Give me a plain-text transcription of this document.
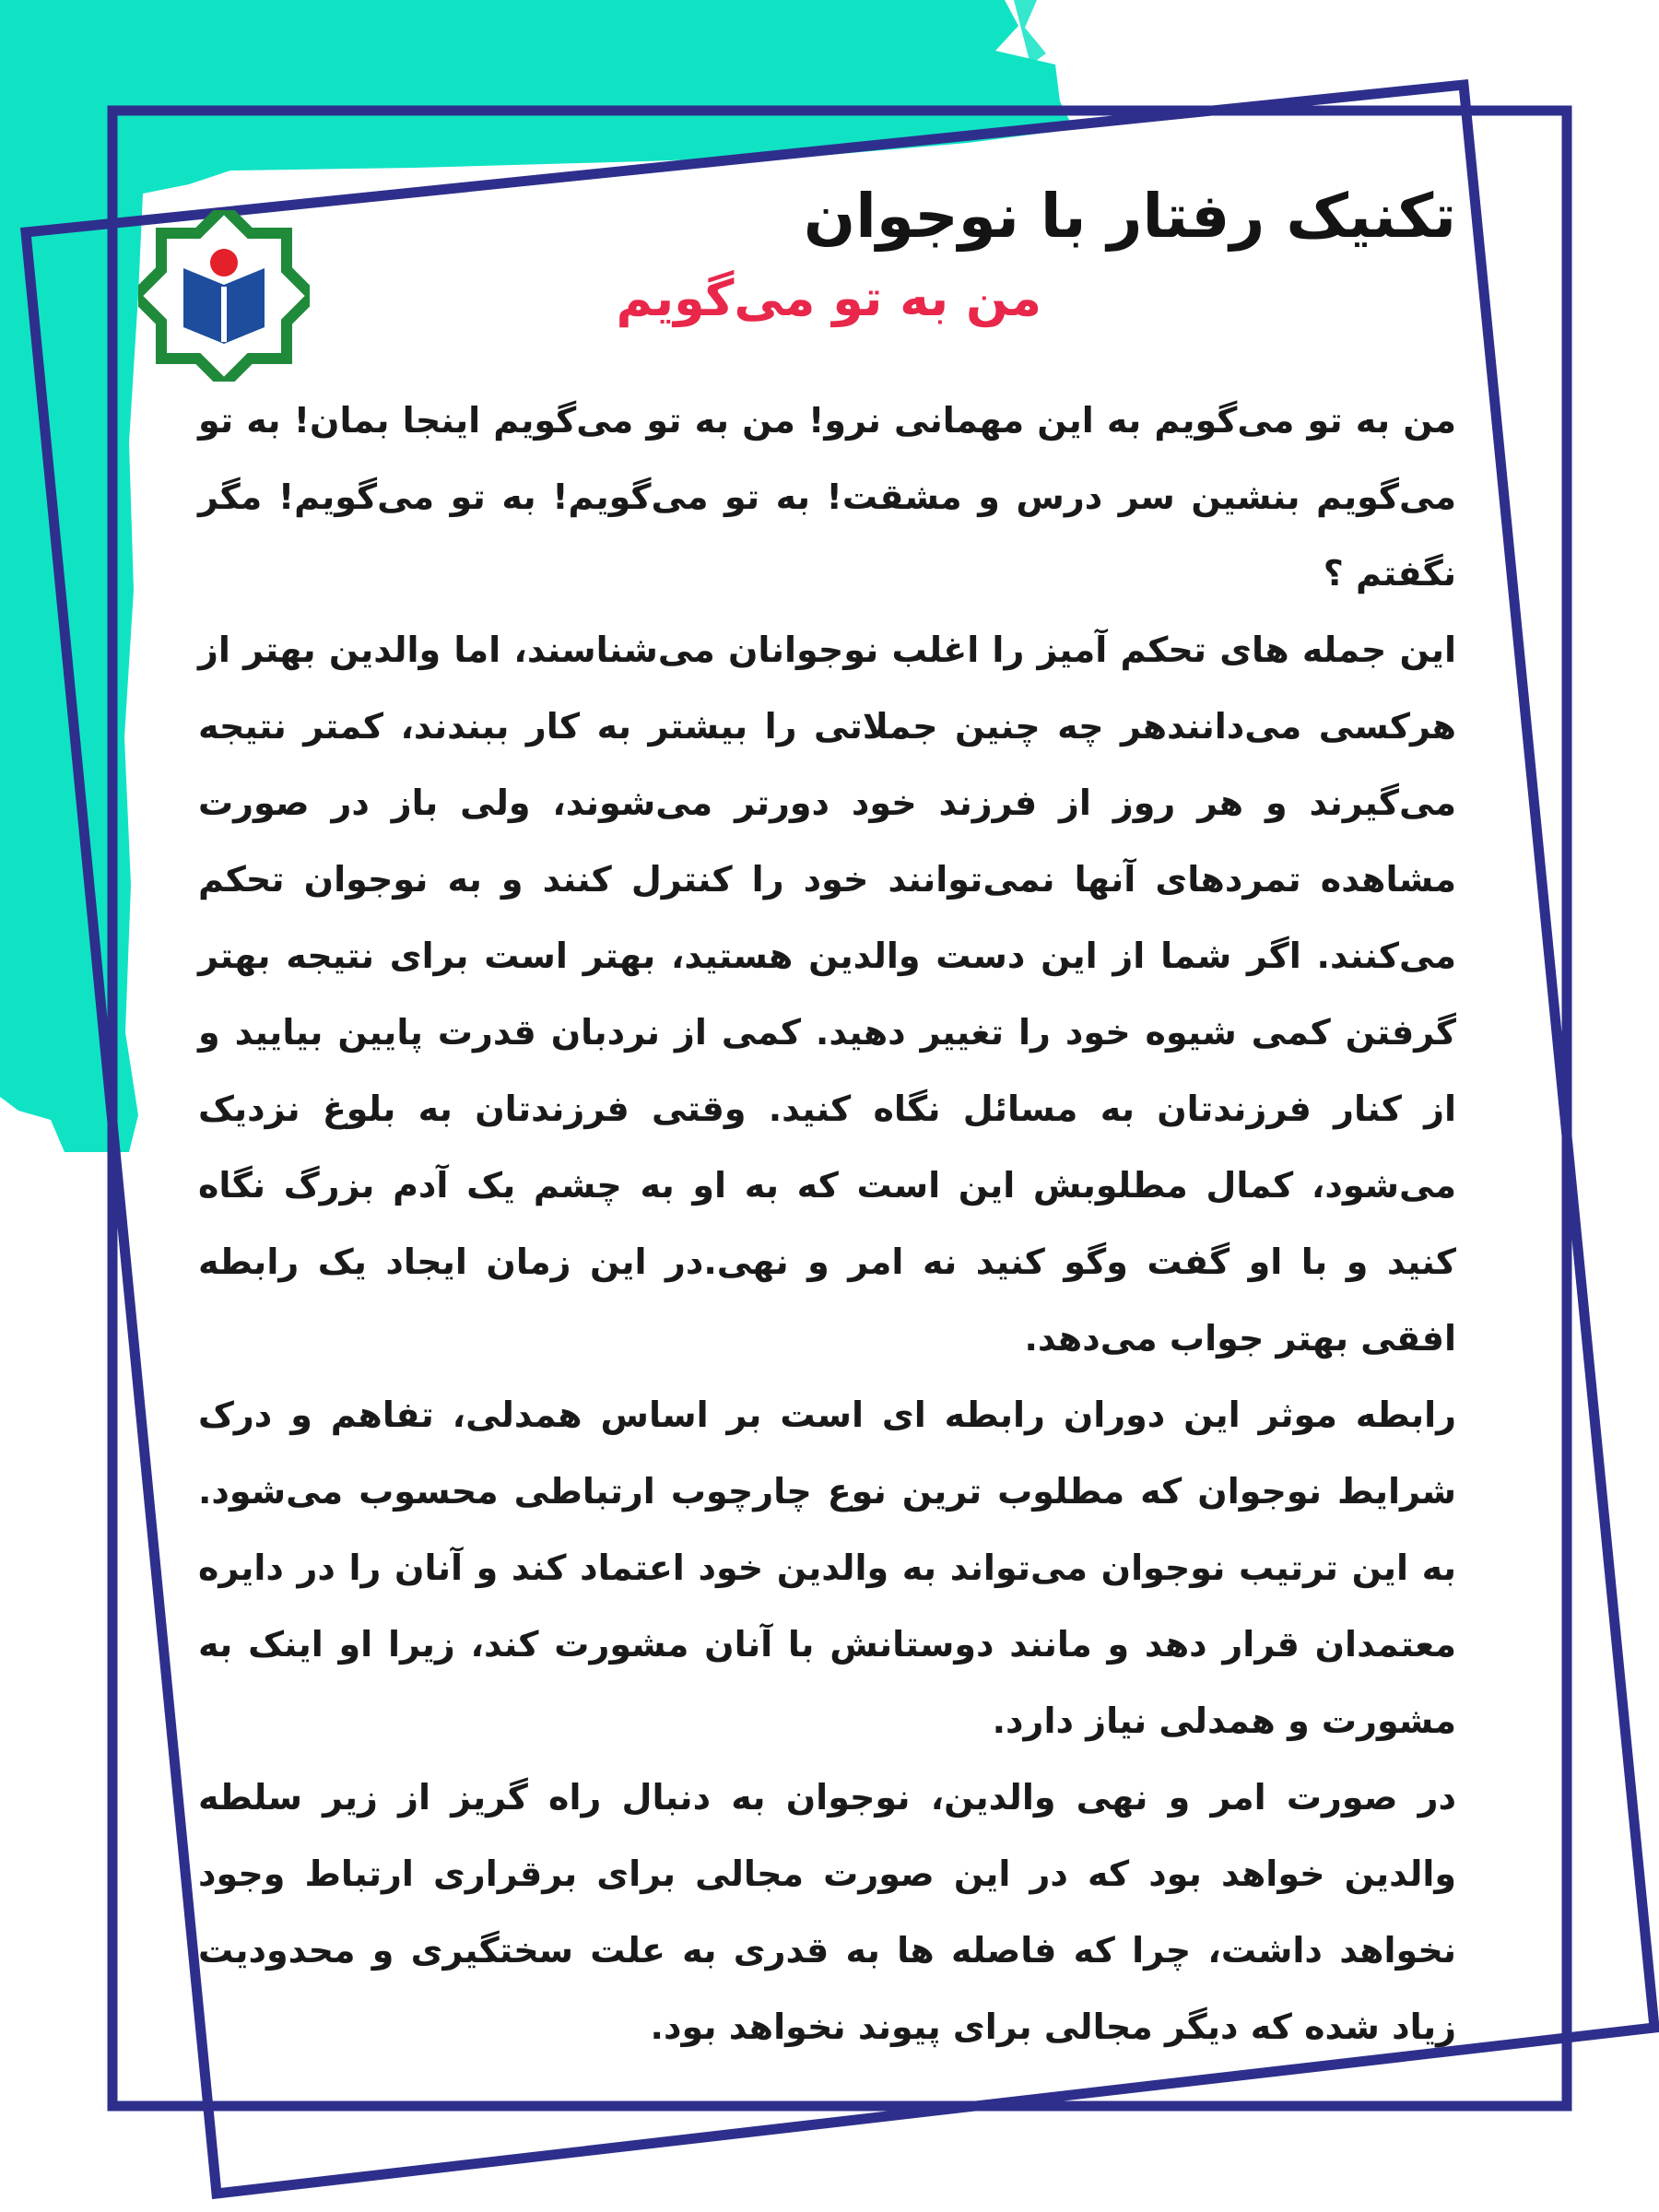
تکنیک رفتار با نوجوان
من به تو می‌گویم

من به تو می‌گویم به این مهمانی نرو! من به تو می‌گویم اینجا بمان! به تو می‌گویم بنشین سر درس و مشقت! به تو می‌گویم! به تو می‌گویم! مگر نگفتم ؟

این جمله های تحکم آمیز را اغلب نوجوانان می‌شناسند، اما والدین بهتر از هرکسی می‌دانندهر چه چنین جملاتی را بیشتر به کار ببندند، کمتر نتیجه می‌گیرند و هر روز از فرزند خود دورتر می‌شوند، ولی باز در صورت مشاهده تمردهای آنها نمی‌توانند خود را کنترل کنند و به نوجوان تحکم می‌کنند. اگر شما از این دست والدین هستید، بهتر است برای نتیجه بهتر گرفتن کمی شیوه خود را تغییر دهید. کمی از نردبان قدرت پایین بیایید و از کنار فرزندتان به مسائل نگاه کنید. وقتی فرزندتان به بلوغ نزدیک می‌شود، کمال مطلوبش این است که به او به چشم یک آدم بزرگ نگاه کنید و با او گفت وگو کنید نه امر و نهی.در این زمان ایجاد یک رابطه افقی بهتر جواب می‌دهد.

رابطه موثر این دوران رابطه ای است بر اساس همدلی، تفاهم و درک شرایط نوجوان که مطلوب ترین نوع چارچوب ارتباطی محسوب می‌شود. به این ترتیب نوجوان می‌تواند به والدین خود اعتماد کند و آنان را در دایره معتمدان قرار دهد و مانند دوستانش با آنان مشورت کند، زیرا او اینک به مشورت و همدلی نیاز دارد.

در صورت امر و نهی والدین، نوجوان به دنبال راه گریز از زیر سلطه والدین خواهد بود که در این صورت مجالی برای برقراری ارتباط وجود نخواهد داشت، چرا که فاصله ها به قدری به علت سختگیری و محدودیت زیاد شده که دیگر مجالی برای پیوند نخواهد بود.
